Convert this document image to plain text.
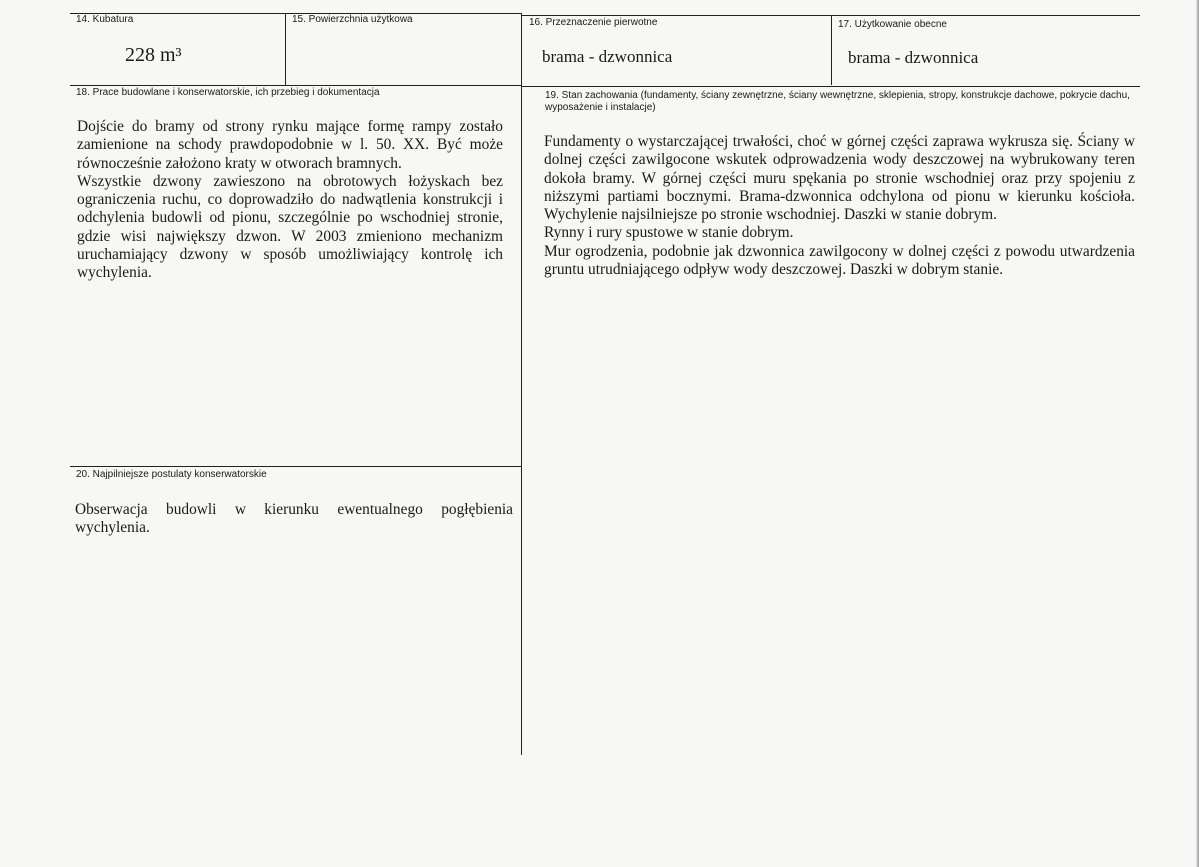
14. Kubatura
228 m³
15. Powierzchnia użytkowa	16. Przeznaczenie pierwotne
brama - dzwonnica
17. Użytkowanie obecne
brama - dzwonnica
18. Prace budowlane i konserwatorskie, ich przebieg i dokumentacja

Dojście do bramy od strony rynku mające formę rampy zostało zamienione na schody prawdopodobnie w l. 50. XX. Być może równocześnie założono kraty w otworach bramnych.

Wszystkie dzwony zawieszono na obrotowych łożyskach bez ograniczenia ruchu, co doprowadziło do nadwątlenia konstrukcji i odchylenia budowli od pionu, szczególnie po wschodniej stronie, gdzie wisi największy dzwon. W 2003 zmieniono mechanizm uruchamiający dzwony w sposób umożliwiający kontrolę ich wychylenia.

19. Stan zachowania (fundamenty, ściany zewnętrzne, ściany wewnętrzne, sklepienia, stropy, konstrukcje dachowe, pokrycie dachu, wyposażenie i instalacje)

Fundamenty o wystarczającej trwałości, choć w górnej części zaprawa wykruszа się. Ściany w dolnej części zawilgocone wskutek odprowadzenia wody deszczowej na wybrukowany teren dokoła bramy. W górnej części muru spękania po stronie wschodniej oraz przy spojeniu z niższymi partiami bocznymi. Brama-dzwonnica odchylona od pionu w kierunku kościoła. Wychylenie najsilniejsze po stronie wschodniej. Daszki w stanie dobrym.

Rynny i rury spustowe w stanie dobrym.

Mur ogrodzenia, podobnie jak dzwonnica zawilgocony w dolnej części z powodu utwardzenia gruntu utrudniającego odpływ wody deszczowej. Daszki w dobrym stanie.

20. Najpilniejsze postulaty konserwatorskie

Obserwacja budowli w kierunku ewentualnego pogłębienia wychylenia.
